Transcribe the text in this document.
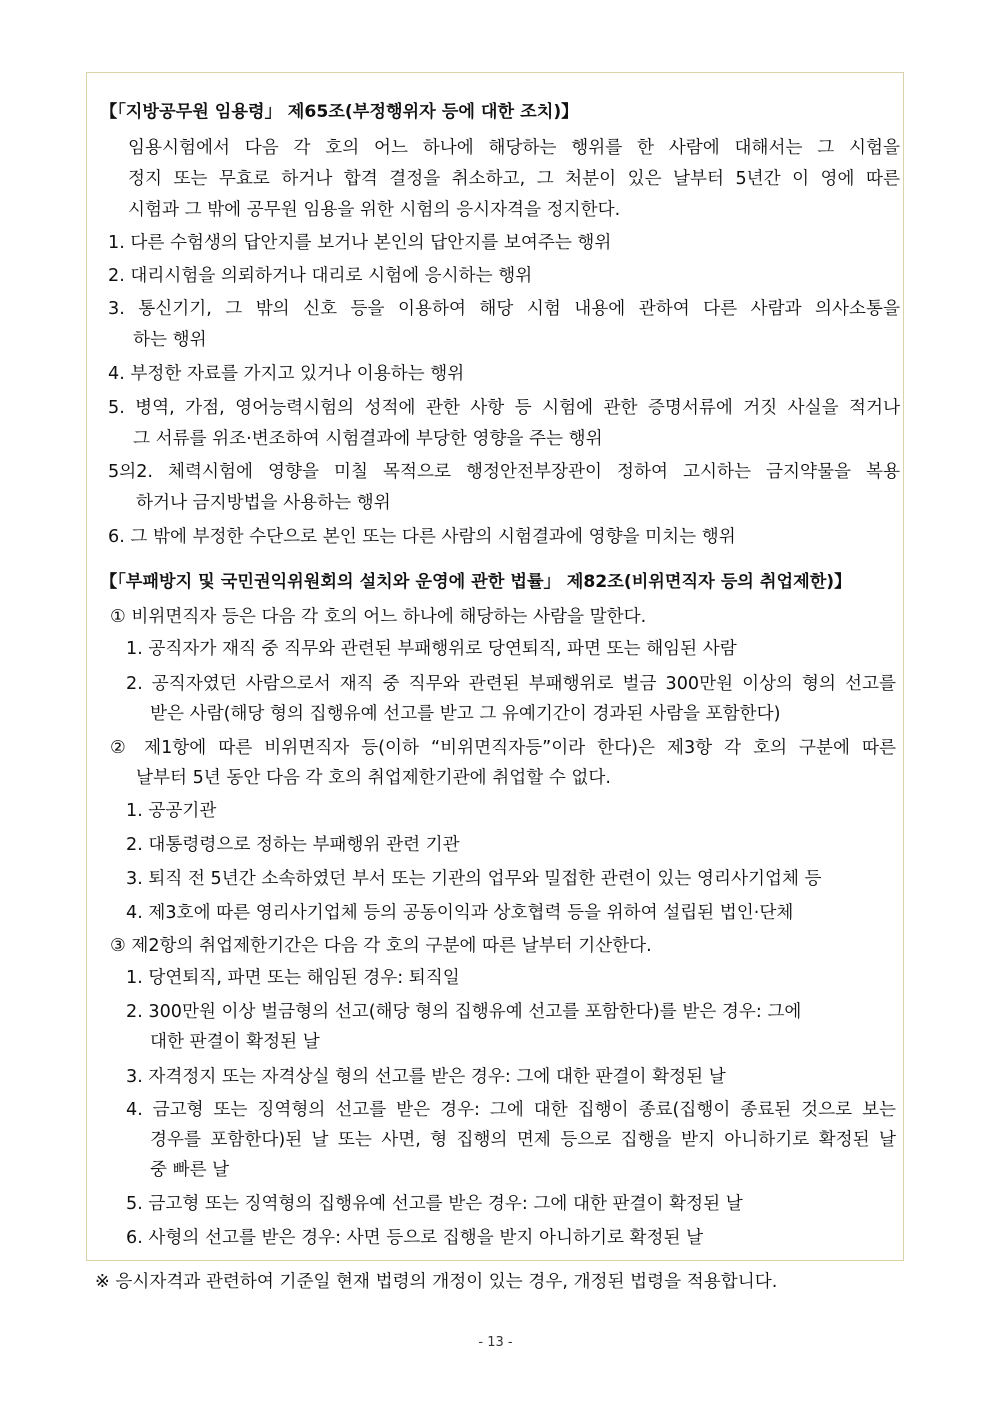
【「지방공무원 임용령」 제65조(부정행위자 등에 대한 조치)】
임용시험에서 다음 각 호의 어느 하나에 해당하는 행위를 한 사람에 대해서는 그 시험을
정지 또는 무효로 하거나 합격 결정을 취소하고, 그 처분이 있은 날부터 5년간 이 영에 따른
시험과 그 밖에 공무원 임용을 위한 시험의 응시자격을 정지한다.
1. 다른 수험생의 답안지를 보거나 본인의 답안지를 보여주는 행위
2. 대리시험을 의뢰하거나 대리로 시험에 응시하는 행위
3. 통신기기, 그 밖의 신호 등을 이용하여 해당 시험 내용에 관하여 다른 사람과 의사소통을
하는 행위
4. 부정한 자료를 가지고 있거나 이용하는 행위
5. 병역, 가점, 영어능력시험의 성적에 관한 사항 등 시험에 관한 증명서류에 거짓 사실을 적거나
그 서류를 위조·변조하여 시험결과에 부당한 영향을 주는 행위
5의2. 체력시험에 영향을 미칠 목적으로 행정안전부장관이 정하여 고시하는 금지약물을 복용
하거나 금지방법을 사용하는 행위
6. 그 밖에 부정한 수단으로 본인 또는 다른 사람의 시험결과에 영향을 미치는 행위
【「부패방지 및 국민권익위원회의 설치와 운영에 관한 법률」 제82조(비위면직자 등의 취업제한)】
① 비위면직자 등은 다음 각 호의 어느 하나에 해당하는 사람을 말한다.
1. 공직자가 재직 중 직무와 관련된 부패행위로 당연퇴직, 파면 또는 해임된 사람
2. 공직자였던 사람으로서 재직 중 직무와 관련된 부패행위로 벌금 300만원 이상의 형의 선고를
받은 사람(해당 형의 집행유예 선고를 받고 그 유예기간이 경과된 사람을 포함한다)
② 제1항에 따른 비위면직자 등(이하 “비위면직자등”이라 한다)은 제3항 각 호의 구분에 따른
날부터 5년 동안 다음 각 호의 취업제한기관에 취업할 수 없다.
1. 공공기관
2. 대통령령으로 정하는 부패행위 관련 기관
3. 퇴직 전 5년간 소속하였던 부서 또는 기관의 업무와 밀접한 관련이 있는 영리사기업체 등
4. 제3호에 따른 영리사기업체 등의 공동이익과 상호협력 등을 위하여 설립된 법인·단체
③ 제2항의 취업제한기간은 다음 각 호의 구분에 따른 날부터 기산한다.
1. 당연퇴직, 파면 또는 해임된 경우: 퇴직일
2. 300만원 이상 벌금형의 선고(해당 형의 집행유예 선고를 포함한다)를 받은 경우: 그에
대한 판결이 확정된 날
3. 자격정지 또는 자격상실 형의 선고를 받은 경우: 그에 대한 판결이 확정된 날
4. 금고형 또는 징역형의 선고를 받은 경우: 그에 대한 집행이 종료(집행이 종료된 것으로 보는
경우를 포함한다)된 날 또는 사면, 형 집행의 면제 등으로 집행을 받지 아니하기로 확정된 날
중 빠른 날
5. 금고형 또는 징역형의 집행유예 선고를 받은 경우: 그에 대한 판결이 확정된 날
6. 사형의 선고를 받은 경우: 사면 등으로 집행을 받지 아니하기로 확정된 날
※ 응시자격과 관련하여 기준일 현재 법령의 개정이 있는 경우, 개정된 법령을 적용합니다.
- 13 -
